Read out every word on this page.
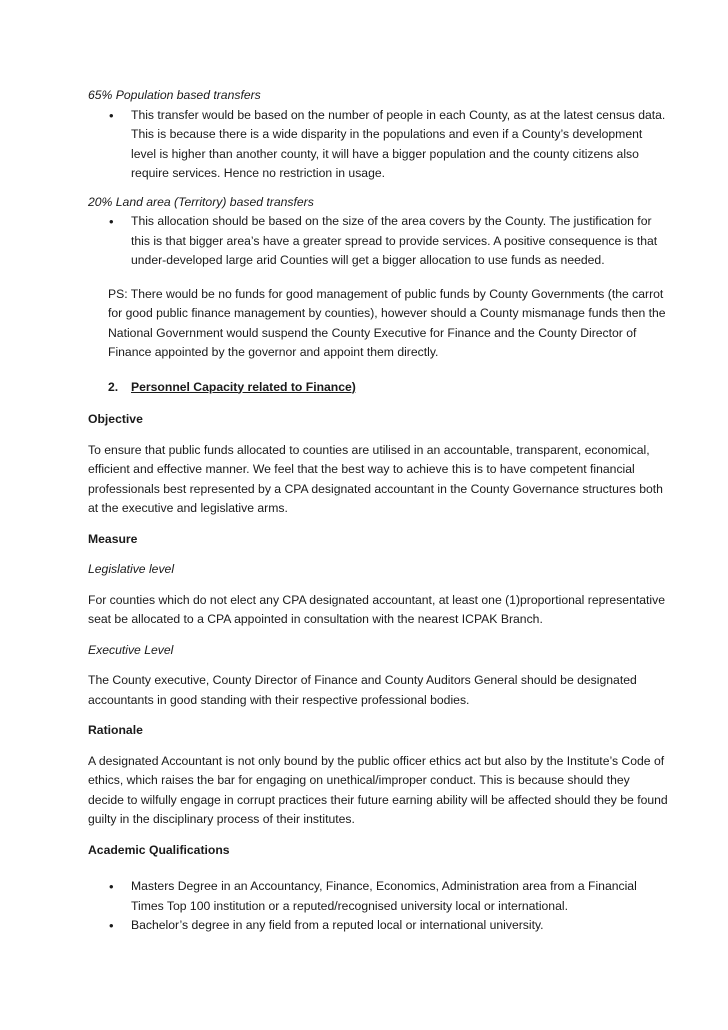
65% Population based transfers

• This transfer would be based on the number of people in each County, as at the latest census data. This is because there is a wide disparity in the populations and even if a County’s development level is higher than another county, it will have a bigger population and the county citizens also require services. Hence no restriction in usage.

20% Land area (Territory) based transfers

• This allocation should be based on the size of the area covers by the County. The justification for this is that bigger area’s have a greater spread to provide services. A positive consequence is that under-developed large arid Counties will get a bigger allocation to use funds as needed.

PS: There would be no funds for good management of public funds by County Governments (the carrot for good public finance management by counties), however should a County mismanage funds then the National Government would suspend the County Executive for Finance and the County Director of Finance appointed by the governor and appoint them directly.

2. Personnel Capacity related to Finance)

Objective

To ensure that public funds allocated to counties are utilised in an accountable, transparent, economical, efficient and effective manner. We feel that the best way to achieve this is to have competent financial professionals best represented by a CPA designated accountant in the County Governance structures both at the executive and legislative arms.

Measure

Legislative level

For counties which do not elect any CPA designated accountant, at least one (1)proportional representative seat be allocated to a CPA appointed in consultation with the nearest ICPAK Branch.

Executive Level

The County executive, County Director of Finance and County Auditors General should be designated accountants in good standing with their respective professional bodies.

Rationale

A designated Accountant is not only bound by the public officer ethics act but also by the Institute’s Code of ethics, which raises the bar for engaging on unethical/improper conduct. This is because should they decide to wilfully engage in corrupt practices their future earning ability will be affected should they be found guilty in the disciplinary process of their institutes.

Academic Qualifications

• Masters Degree in an Accountancy, Finance, Economics, Administration area from a Financial Times Top 100 institution or a reputed/recognised university local or international.
• Bachelor’s degree in any field from a reputed local or international university.
